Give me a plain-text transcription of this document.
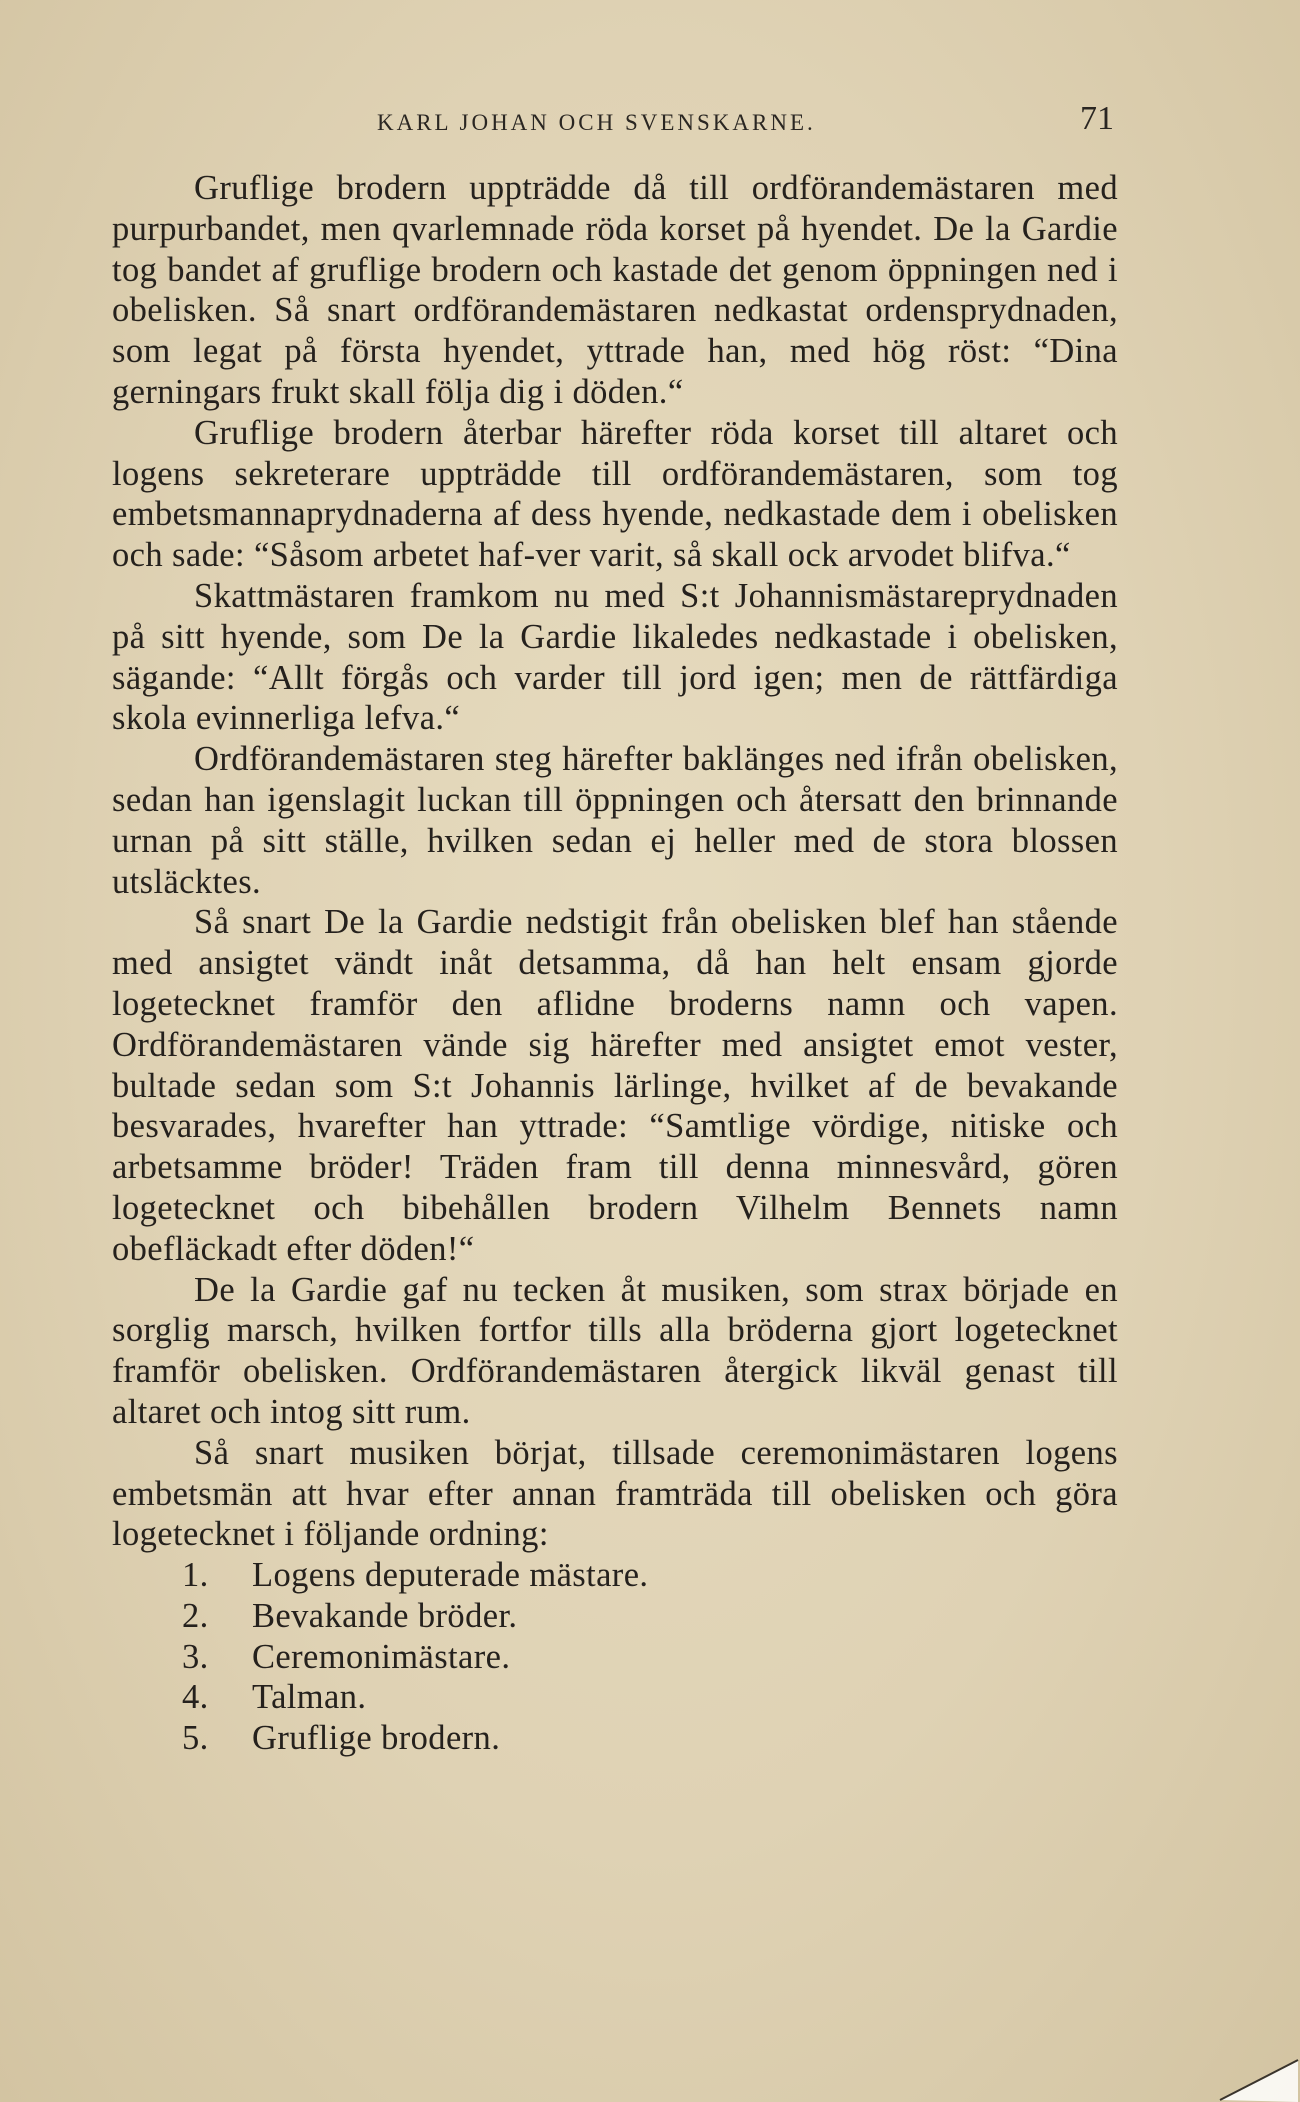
KARL JOHAN OCH SVENSKARNE.	71

Gruflige brodern uppträdde då till ordförandemästaren med purpurbandet, men qvarlemnade röda korset på hyendet. De la Gardie tog bandet af gruflige brodern och kastade det genom öppningen ned i obelisken. Så snart ordförandemästaren nedkastat ordensprydnaden, som legat på första hyendet, yttrade han, med hög röst: “Dina gerningars frukt skall följa dig i döden.“

Gruflige brodern återbar härefter röda korset till altaret och logens sekreterare uppträdde till ordförandemästaren, som tog embetsmannaprydnaderna af dess hyende, nedkastade dem i obelisken och sade: “Såsom arbetet haf-ver varit, så skall ock arvodet blifva.“

Skattmästaren framkom nu med S:t Johannismästareprydnaden på sitt hyende, som De la Gardie likaledes nedkastade i obelisken, sägande: “Allt förgås och varder till jord igen; men de rättfärdiga skola evinnerliga lefva.“

Ordförandemästaren steg härefter baklänges ned ifrån obelisken, sedan han igenslagit luckan till öppningen och återsatt den brinnande urnan på sitt ställe, hvilken sedan ej heller med de stora blossen utsläcktes.

Så snart De la Gardie nedstigit från obelisken blef han stående med ansigtet vändt inåt detsamma, då han helt ensam gjorde logetecknet framför den aflidne broderns namn och vapen. Ordförandemästaren vände sig härefter med ansigtet emot vester, bultade sedan som S:t Johannis lärlinge, hvilket af de bevakande besvarades, hvarefter han yttrade: “Samtlige vördige, nitiske och arbetsamme bröder! Träden fram till denna minnesvård, gören logetecknet och bibehållen brodern Vilhelm Bennets namn obefläckadt efter döden!“

De la Gardie gaf nu tecken åt musiken, som strax började en sorglig marsch, hvilken fortfor tills alla bröderna gjort logetecknet framför obelisken. Ordförandemästaren återgick likväl genast till altaret och intog sitt rum.

Så snart musiken börjat, tillsade ceremonimästaren logens embetsmän att hvar efter annan framträda till obelisken och göra logetecknet i följande ordning:

1. Logens deputerade mästare.
2. Bevakande bröder.
3. Ceremonimästare.
4. Talman.
5. Gruflige brodern.
